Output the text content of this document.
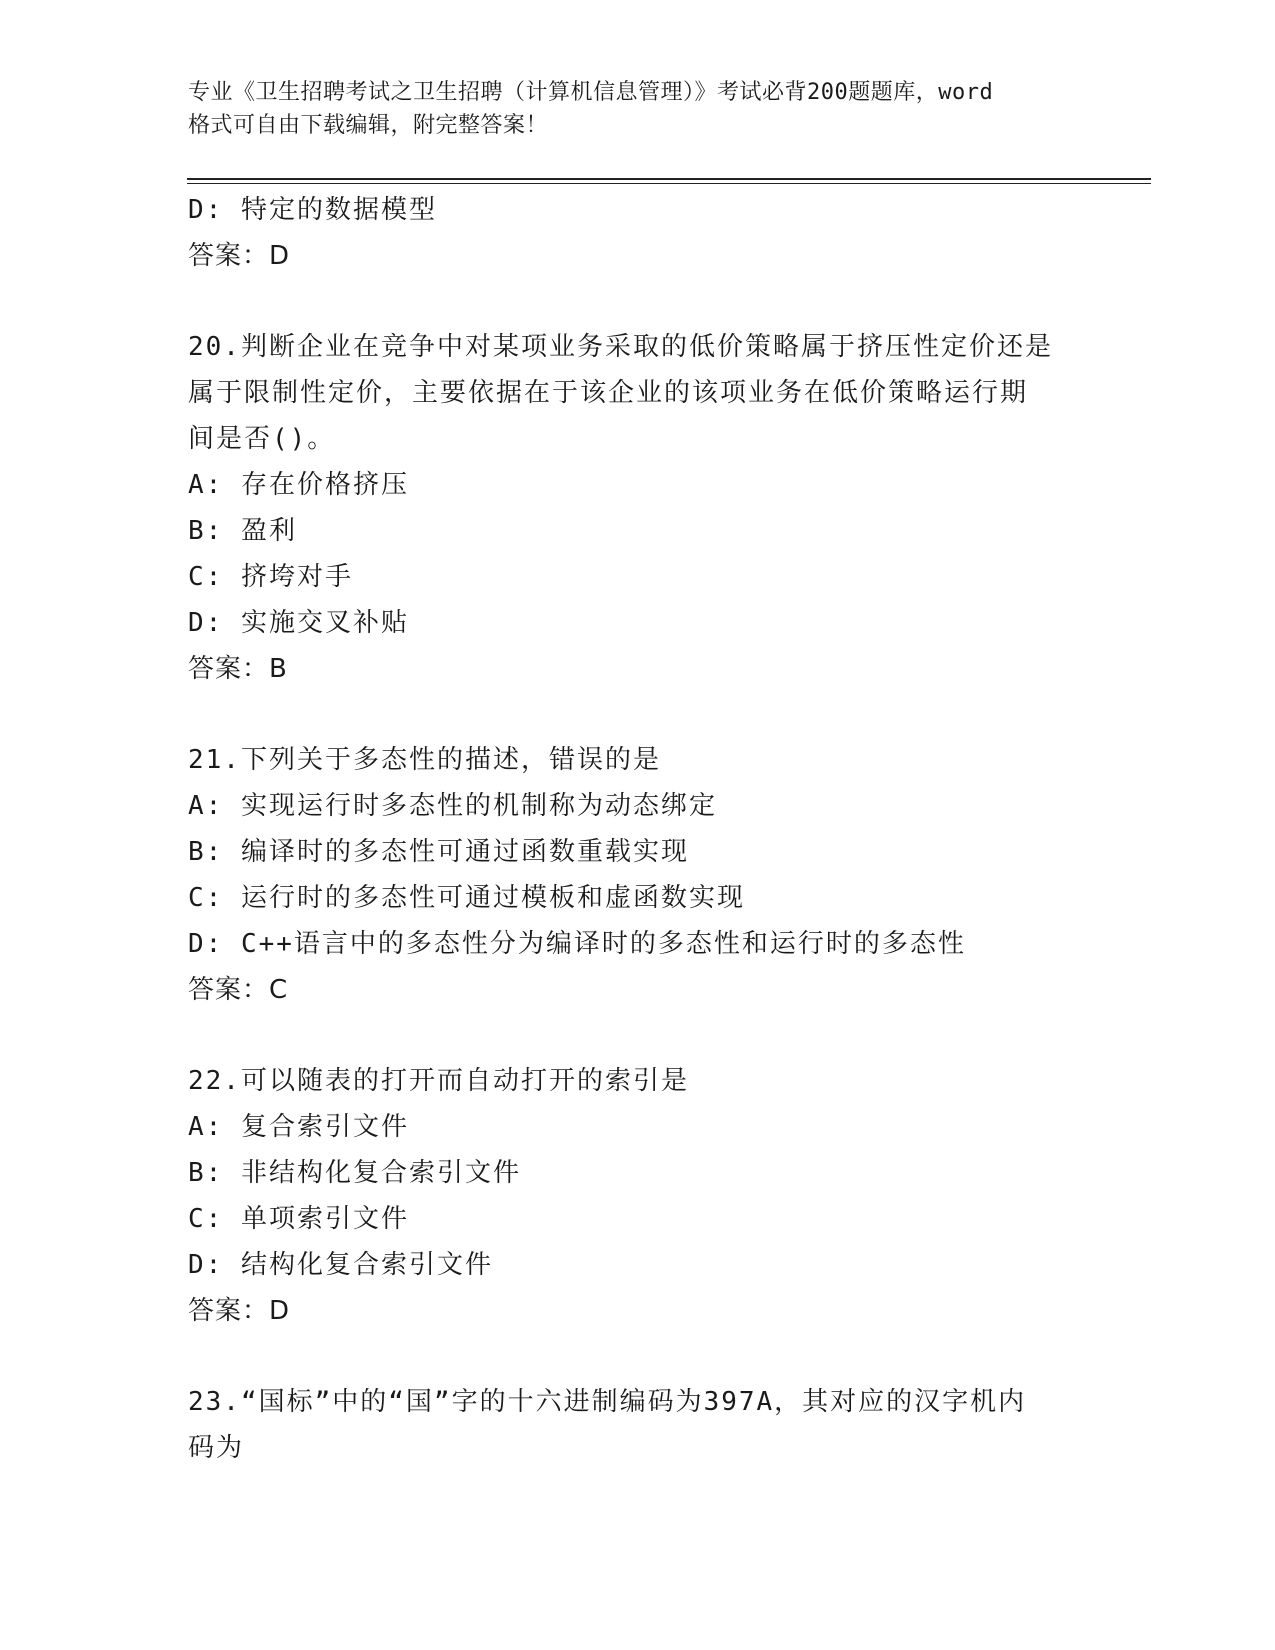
专业《卫生招聘考试之卫生招聘（计算机信息管理）》考试必背200题题库，word
格式可自由下载编辑，附完整答案！
D: 特定的数据模型
答案：D
20.判断企业在竞争中对某项业务采取的低价策略属于挤压性定价还是
属于限制性定价，主要依据在于该企业的该项业务在低价策略运行期
间是否()。
A: 存在价格挤压
B: 盈利
C: 挤垮对手
D: 实施交叉补贴
答案：B
21.下列关于多态性的描述，错误的是
A: 实现运行时多态性的机制称为动态绑定
B: 编译时的多态性可通过函数重载实现
C: 运行时的多态性可通过模板和虚函数实现
D: C++语言中的多态性分为编译时的多态性和运行时的多态性
答案：C
22.可以随表的打开而自动打开的索引是
A: 复合索引文件
B: 非结构化复合索引文件
C: 单项索引文件
D: 结构化复合索引文件
答案：D
23.“国标”中的“国”字的十六进制编码为397A，其对应的汉字机内
码为
